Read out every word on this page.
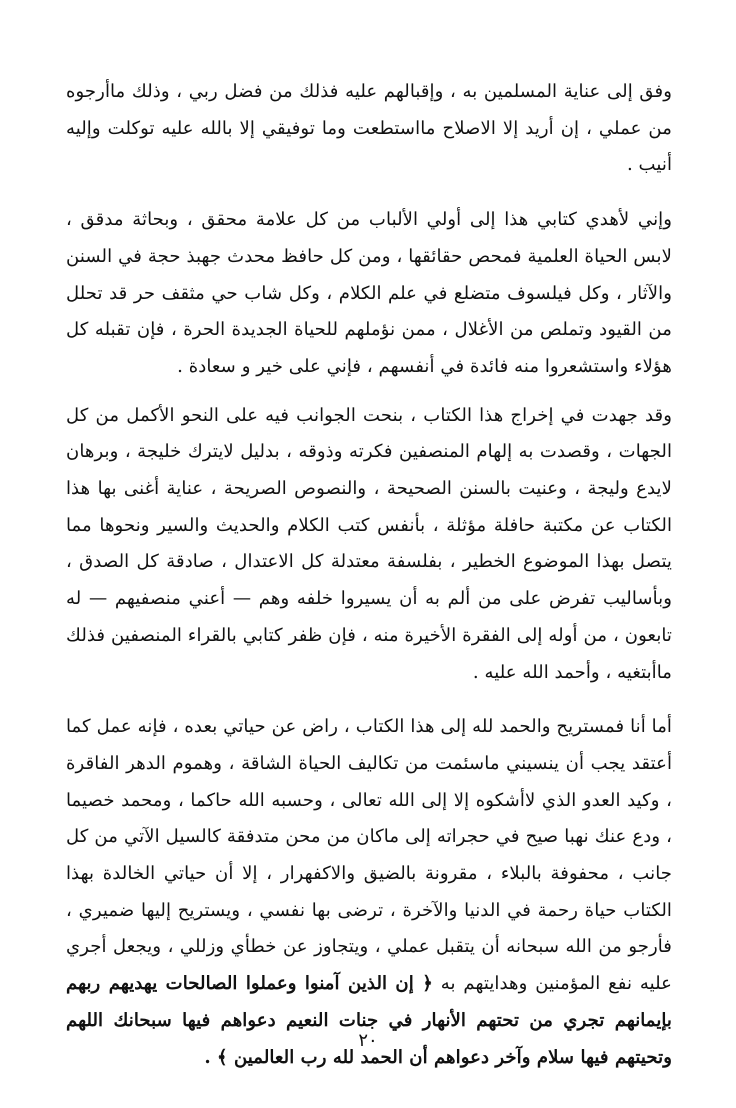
وفق إلى عناية المسلمين به ، وإقبالهم عليه فذلك من فضل ربي ، وذلك ماأرجوه من عملي ، إن أريد إلا الاصلاح مااستطعت وما توفيقي إلا بالله عليه توكلت وإليه أنيب .

وإني لأهدي كتابي هذا إلى أولي الألباب من كل علامة محقق ، وبحاثة مدقق ، لابس الحياة العلمية فمحص حقائقها ، ومن كل حافظ محدث جهبذ حجة في السنن والآثار ، وكل فيلسوف متضلع في علم الكلام ، وكل شاب حي مثقف حر قد تحلل من القيود وتملص من الأغلال ، ممن نؤملهم للحياة الجديدة الحرة ، فإن تقبله كل هؤلاء واستشعروا منه فائدة في أنفسهم ، فإني على خير و سعادة .

وقد جهدت في إخراج هذا الكتاب ، بنحت الجوانب فيه على النحو الأكمل من كل الجهات ، وقصدت به إلهام المنصفين فكرته وذوقه ، بدليل لايترك خليجة ، وبرهان لايدع وليجة ، وعنيت بالسنن الصحيحة ، والنصوص الصريحة ، عناية أغنى بها هذا الكتاب عن مكتبة حافلة مؤثلة ، بأنفس كتب الكلام والحديث والسير ونحوها مما يتصل بهذا الموضوع الخطير ، بفلسفة معتدلة كل الاعتدال ، صادقة كل الصدق ، وبأساليب تفرض على من ألم به أن يسيروا خلفه وهم — أعني منصفيهم — له تابعون ، من أوله إلى الفقرة الأخيرة منه ، فإن ظفر كتابي بالقراء المنصفين فذلك ماأبتغيه ، وأحمد الله عليه .

أما أنا فمستريح والحمد لله إلى هذا الكتاب ، راض عن حياتي بعده ، فإنه عمل كما أعتقد يجب أن ينسيني ماسئمت من تكاليف الحياة الشاقة ، وهموم الدهر الفاقرة ، وكيد العدو الذي لاأشكوه إلا إلى الله تعالى ، وحسبه الله حاكما ، ومحمد خصيما ، ودع عنك نهبا صيح في حجراته إلى ماكان من محن متدفقة كالسيل الآتي من كل جانب ، محفوفة بالبلاء ، مقرونة بالضيق والاكفهرار ، إلا أن حياتي الخالدة بهذا الكتاب حياة رحمة في الدنيا والآخرة ، ترضى بها نفسي ، ويستريح إليها ضميري ، فأرجو من الله سبحانه أن يتقبل عملي ، ويتجاوز عن خطأي وزللي ، ويجعل أجري عليه نفع المؤمنين وهدايتهم به ﴿ إن الذين آمنوا وعملوا الصالحات يهديهم ربهم بإيمانهم تجري من تحتهم الأنهار في جنات النعيم دعواهم فيها سبحانك اللهم وتحيتهم فيها سلام وآخر دعواهم أن الحمد لله رب العالمين ﴾ .

٢٠
